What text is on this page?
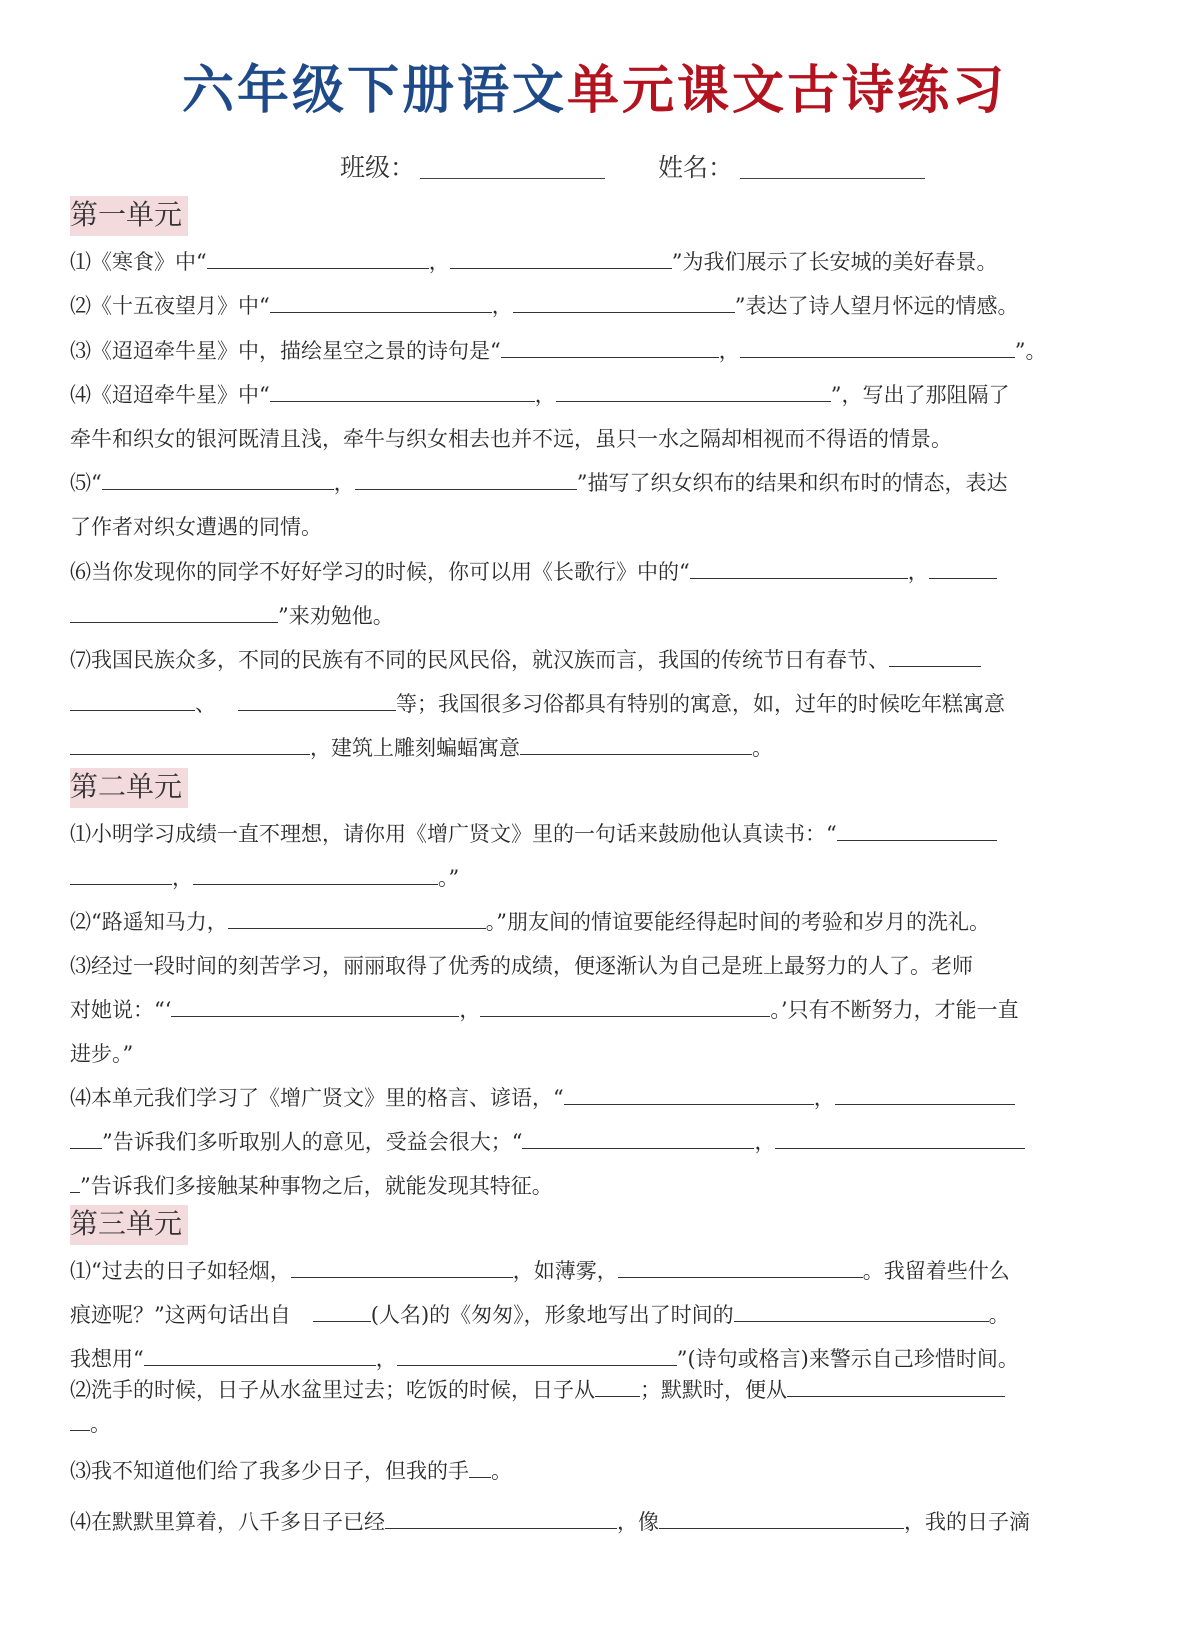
六年级下册语文单元课文古诗练习
班级：	姓名：
第一单元
⑴《寒食》中“	，	”为我们展示了长安城的美好春景。
⑵《十五夜望月》中“	，	”表达了诗人望月怀远的情感。
⑶《迢迢牵牛星》中，描绘星空之景的诗句是“	，	”。
⑷《迢迢牵牛星》中“	，	”，写出了那阻隔了
牵牛和织女的银河既清且浅，牵牛与织女相去也并不远，虽只一水之隔却相视而不得语的情景。
⑸“	，	”描写了织女织布的结果和织布时的情态，表达
了作者对织女遭遇的同情。
⑹当你发现你的同学不好好学习的时候，你可以用《长歌行》中的“	，
”来劝勉他。
⑺我国民族众多，不同的民族有不同的民风民俗，就汉族而言，我国的传统节日有春节、
、	等；我国很多习俗都具有特别的寓意，如，过年的时候吃年糕寓意
，建筑上雕刻蝙蝠寓意	。
第二单元
⑴小明学习成绩一直不理想，请你用《增广贤文》里的一句话来鼓励他认真读书：“
，	。”
⑵“路遥知马力，	。”朋友间的情谊要能经得起时间的考验和岁月的洗礼。
⑶经过一段时间的刻苦学习，丽丽取得了优秀的成绩，便逐渐认为自己是班上最努力的人了。老师
对她说：“‘	，	。’只有不断努力，才能一直
进步。”
⑷本单元我们学习了《增广贤文》里的格言、谚语，“	，
”告诉我们多听取别人的意见，受益会很大；“	，
”告诉我们多接触某种事物之后，就能发现其特征。
第三单元
⑴“过去的日子如轻烟，	，如薄雾，	。我留着些什么
痕迹呢？”这两句话出自	(人名)的《匆匆》，形象地写出了时间的	。
我想用“	，	”(诗句或格言)来警示自己珍惜时间。
⑵洗手的时候，日子从水盆里过去；吃饭的时候，日子从 ；默默时，便从
。
⑶我不知道他们给了我多少日子，但我的手 。
⑷在默默里算着，八千多日子已经	，像	，我的日子滴
